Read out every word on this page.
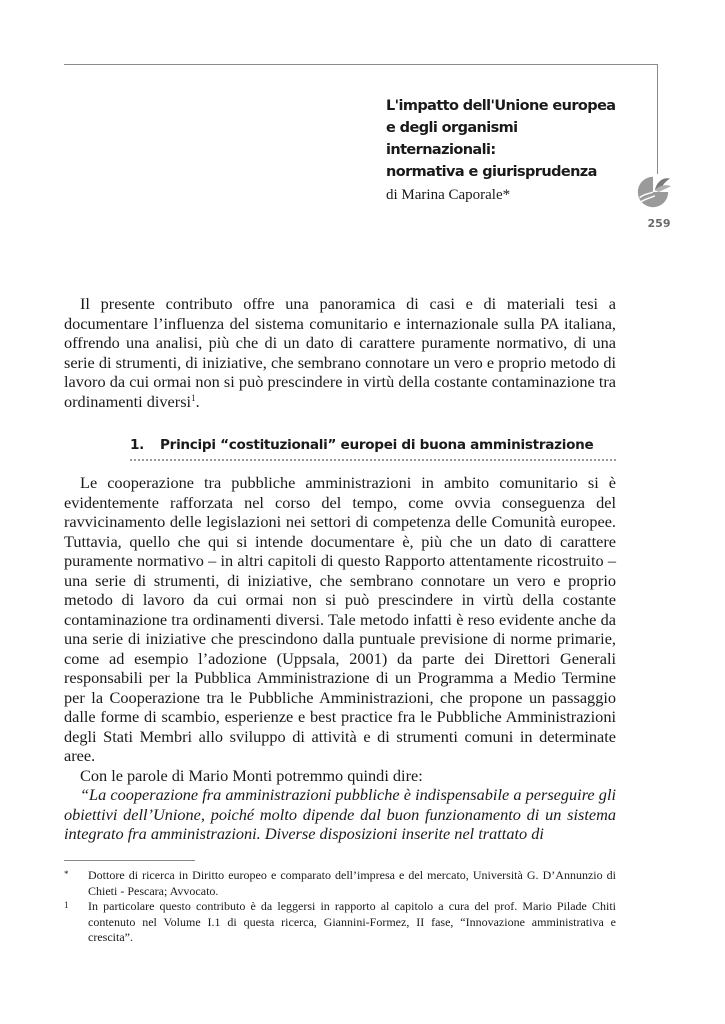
259
L'impatto dell'Unione europea
e degli organismi
internazionali:
normativa e giurisprudenza
di Marina Caporale*

Il presente contributo offre una panoramica di casi e di materiali tesi a documentare l’influenza del sistema comunitario e internazionale sulla PA italiana, offrendo una analisi, più che di un dato di carattere puramente normativo, di una serie di strumenti, di iniziative, che sembrano connotare un vero e proprio metodo di lavoro da cui ormai non si può prescindere in virtù della costante contaminazione tra ordinamenti diversi$^1$.

1. Principi “costituzionali” europei di buona amministrazione

Le cooperazione tra pubbliche amministrazioni in ambito comunitario si è evidentemente rafforzata nel corso del tempo, come ovvia conseguenza del ravvicinamento delle legislazioni nei settori di competenza delle Comunità europee. Tuttavia, quello che qui si intende documentare è, più che un dato di carattere puramente normativo – in altri capitoli di questo Rapporto attentamente ricostruito – una serie di strumenti, di iniziative, che sembrano connotare un vero e proprio metodo di lavoro da cui ormai non si può prescindere in virtù della costante contaminazione tra ordinamenti diversi. Tale metodo infatti è reso evidente anche da una serie di iniziative che prescindono dalla puntuale previsione di norme primarie, come ad esempio l’adozione (Uppsala, 2001) da parte dei Direttori Generali responsabili per la Pubblica Amministrazione di un Programma a Medio Termine per la Cooperazione tra le Pubbliche Amministrazioni, che propone un passaggio dalle forme di scambio, esperienze e best practice fra le Pubbliche Amministrazioni degli Stati Membri allo sviluppo di attività e di strumenti comuni in determinate aree.

Con le parole di Mario Monti potremmo quindi dire:

“La cooperazione fra amministrazioni pubbliche è indispensabile a perseguire gli obiettivi dell’Unione, poiché molto dipende dal buon funzionamento di un sistema integrato fra amministrazioni. Diverse disposizioni inserite nel trattato di

*	Dottore di ricerca in Diritto europeo e comparato dell’impresa e del mercato, Università G. D’Annunzio di Chieti - Pescara; Avvocato.
1	In particolare questo contributo è da leggersi in rapporto al capitolo a cura del prof. Mario Pilade Chiti contenuto nel Volume I.1 di questa ricerca, Giannini-Formez, II fase, “Innovazione amministrativa e crescita”.
